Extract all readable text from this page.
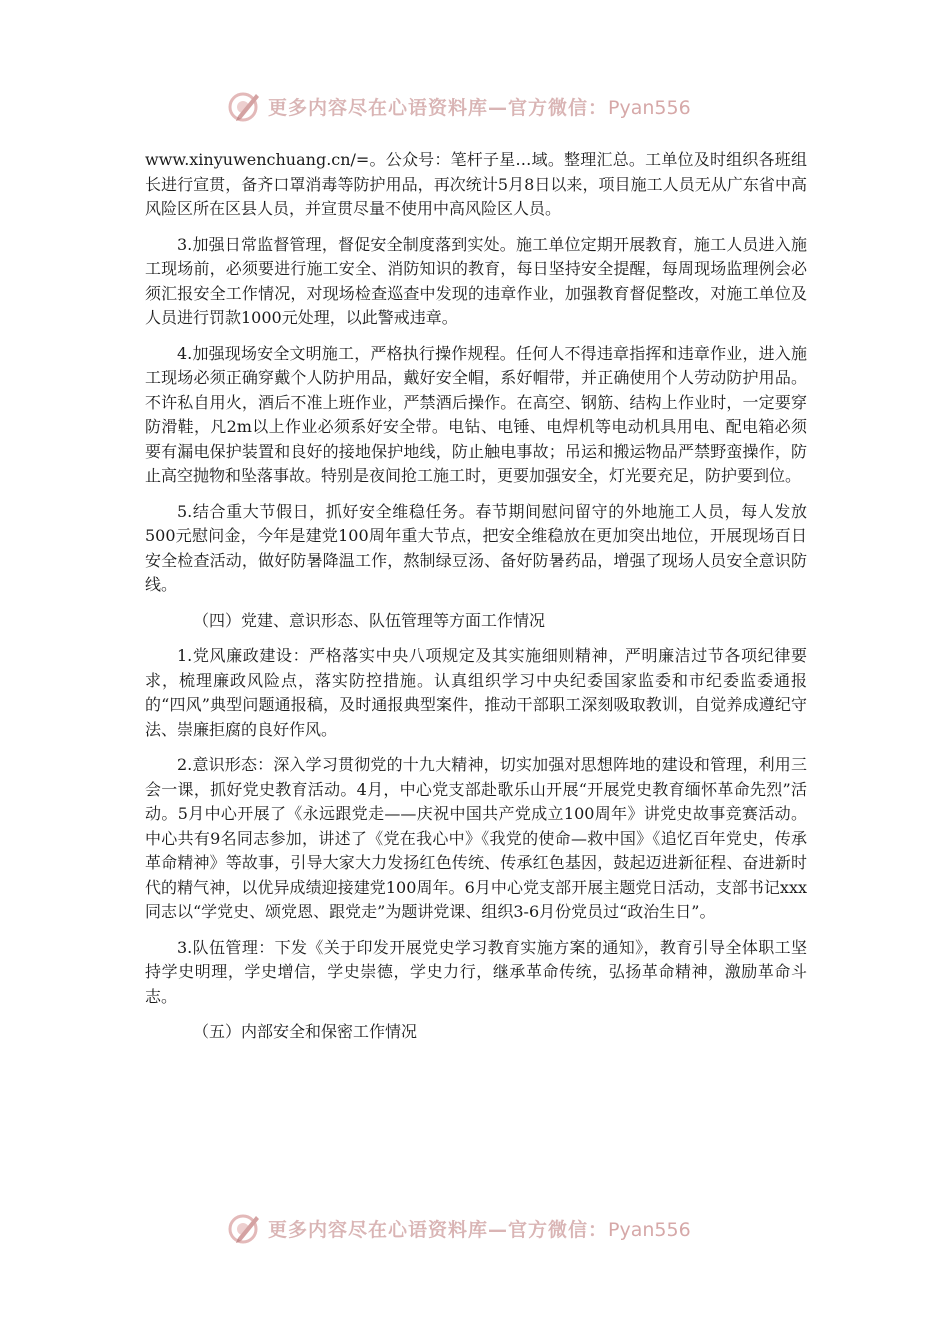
更多内容尽在心语资料库—官方微信：Pyan556

www.xinyuwenchuang.cn/=。公众号：笔杆子星…域。整理汇总。工单位及时组织各班组长进行宣贯，备齐口罩消毒等防护用品，再次统计5月8日以来，项目施工人员无从广东省中高风险区所在区县人员，并宣贯尽量不使用中高风险区人员。

3.加强日常监督管理，督促安全制度落到实处。施工单位定期开展教育，施工人员进入施工现场前，必须要进行施工安全、消防知识的教育，每日坚持安全提醒，每周现场监理例会必须汇报安全工作情况，对现场检查巡查中发现的违章作业，加强教育督促整改，对施工单位及人员进行罚款1000元处理，以此警戒违章。

4.加强现场安全文明施工，严格执行操作规程。任何人不得违章指挥和违章作业，进入施工现场必须正确穿戴个人防护用品，戴好安全帽，系好帽带，并正确使用个人劳动防护用品。不许私自用火，酒后不准上班作业，严禁酒后操作。在高空、钢筋、结构上作业时，一定要穿防滑鞋，凡2m以上作业必须系好安全带。电钻、电锤、电焊机等电动机具用电、配电箱必须要有漏电保护装置和良好的接地保护地线，防止触电事故；吊运和搬运物品严禁野蛮操作，防止高空抛物和坠落事故。特别是夜间抢工施工时，更要加强安全，灯光要充足，防护要到位。

5.结合重大节假日，抓好安全维稳任务。春节期间慰问留守的外地施工人员，每人发放500元慰问金，今年是建党100周年重大节点，把安全维稳放在更加突出地位，开展现场百日安全检查活动，做好防暑降温工作，熬制绿豆汤、备好防暑药品，增强了现场人员安全意识防线。

（四）党建、意识形态、队伍管理等方面工作情况

1.党风廉政建设：严格落实中央八项规定及其实施细则精神，严明廉洁过节各项纪律要求，梳理廉政风险点，落实防控措施。认真组织学习中央纪委国家监委和市纪委监委通报的“四风”典型问题通报稿，及时通报典型案件，推动干部职工深刻吸取教训，自觉养成遵纪守法、崇廉拒腐的良好作风。

2.意识形态：深入学习贯彻党的十九大精神，切实加强对思想阵地的建设和管理，利用三会一课，抓好党史教育活动。4月，中心党支部赴歌乐山开展“开展党史教育缅怀革命先烈”活动。5月中心开展了《永远跟党走——庆祝中国共产党成立100周年》讲党史故事竞赛活动。中心共有9名同志参加，讲述了《党在我心中》《我党的使命—救中国》《追忆百年党史，传承革命精神》等故事，引导大家大力发扬红色传统、传承红色基因，鼓起迈进新征程、奋进新时代的精气神，以优异成绩迎接建党100周年。6月中心党支部开展主题党日活动，支部书记xxx同志以“学党史、颂党恩、跟党走”为题讲党课、组织3-6月份党员过“政治生日”。

3.队伍管理：下发《关于印发开展党史学习教育实施方案的通知》，教育引导全体职工坚持学史明理，学史增信，学史崇德，学史力行，继承革命传统，弘扬革命精神，激励革命斗志。

（五）内部安全和保密工作情况

更多内容尽在心语资料库—官方微信：Pyan556
